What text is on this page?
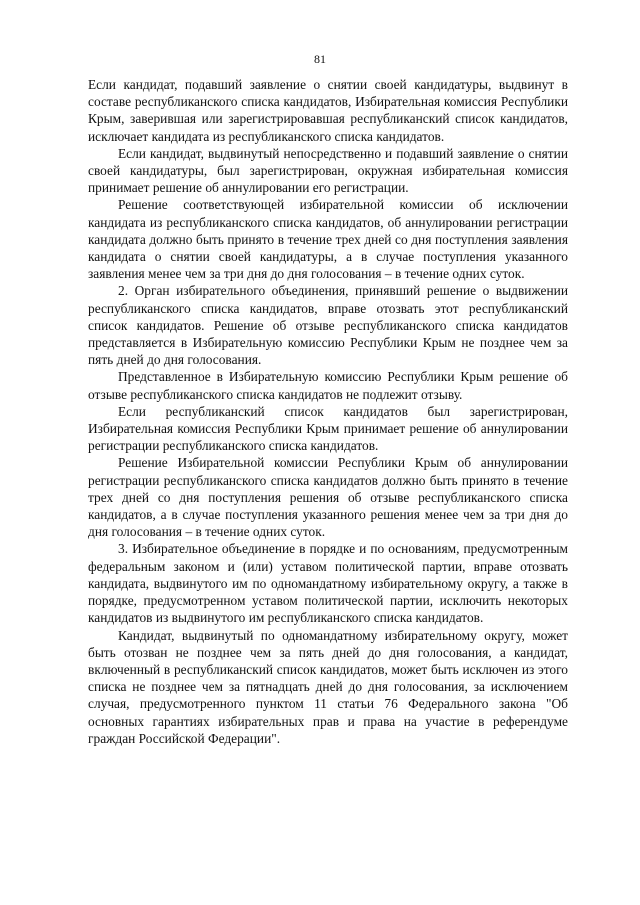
81

Если кандидат, подавший заявление о снятии своей кандидатуры, выдвинут в составе республиканского списка кандидатов, Избирательная комиссия Республики Крым, заверившая или зарегистрировавшая республиканский список кандидатов, исключает кандидата из республиканского списка кандидатов.

Если кандидат, выдвинутый непосредственно и подавший заявление о снятии своей кандидатуры, был зарегистрирован, окружная избирательная комиссия принимает решение об аннулировании его регистрации.

Решение соответствующей избирательной комиссии об исключении кандидата из республиканского списка кандидатов, об аннулировании регистрации кандидата должно быть принято в течение трех дней со дня поступления заявления кандидата о снятии своей кандидатуры, а в случае поступления указанного заявления менее чем за три дня до дня голосования – в течение одних суток.

2. Орган избирательного объединения, принявший решение о выдвижении республиканского списка кандидатов, вправе отозвать этот республиканский список кандидатов. Решение об отзыве республиканского списка кандидатов представляется в Избирательную комиссию Республики Крым не позднее чем за пять дней до дня голосования.

Представленное в Избирательную комиссию Республики Крым решение об отзыве республиканского списка кандидатов не подлежит отзыву.

Если республиканский список кандидатов был зарегистрирован, Избирательная комиссия Республики Крым принимает решение об аннулировании регистрации республиканского списка кандидатов.

Решение Избирательной комиссии Республики Крым об аннулировании регистрации республиканского списка кандидатов должно быть принято в течение трех дней со дня поступления решения об отзыве республиканского списка кандидатов, а в случае поступления указанного решения менее чем за три дня до дня голосования – в течение одних суток.

3. Избирательное объединение в порядке и по основаниям, предусмотренным федеральным законом и (или) уставом политической партии, вправе отозвать кандидата, выдвинутого им по одномандатному избирательному округу, а также в порядке, предусмотренном уставом политической партии, исключить некоторых кандидатов из выдвинутого им республиканского списка кандидатов.

Кандидат, выдвинутый по одномандатному избирательному округу, может быть отозван не позднее чем за пять дней до дня голосования, а кандидат, включенный в республиканский список кандидатов, может быть исключен из этого списка не позднее чем за пятнадцать дней до дня голосования, за исключением случая, предусмотренного пунктом 11 статьи 76 Федерального закона "Об основных гарантиях избирательных прав и права на участие в референдуме граждан Российской Федерации".
